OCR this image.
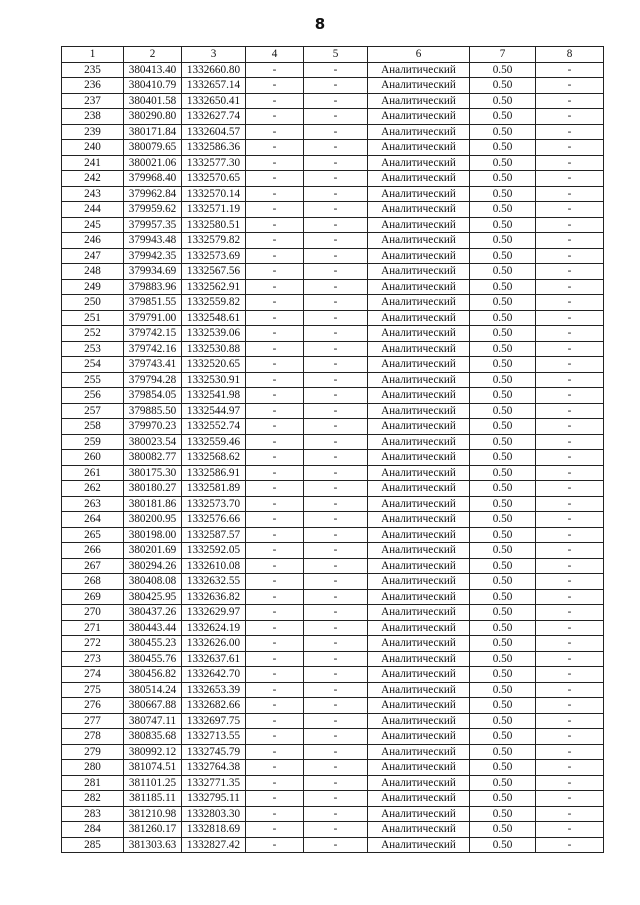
8
1	2	3	4	5	6	7	8
235	380413.40	1332660.80	-	-	Аналитический	0.50	-
236	380410.79	1332657.14	-	-	Аналитический	0.50	-
237	380401.58	1332650.41	-	-	Аналитический	0.50	-
238	380290.80	1332627.74	-	-	Аналитический	0.50	-
239	380171.84	1332604.57	-	-	Аналитический	0.50	-
240	380079.65	1332586.36	-	-	Аналитический	0.50	-
241	380021.06	1332577.30	-	-	Аналитический	0.50	-
242	379968.40	1332570.65	-	-	Аналитический	0.50	-
243	379962.84	1332570.14	-	-	Аналитический	0.50	-
244	379959.62	1332571.19	-	-	Аналитический	0.50	-
245	379957.35	1332580.51	-	-	Аналитический	0.50	-
246	379943.48	1332579.82	-	-	Аналитический	0.50	-
247	379942.35	1332573.69	-	-	Аналитический	0.50	-
248	379934.69	1332567.56	-	-	Аналитический	0.50	-
249	379883.96	1332562.91	-	-	Аналитический	0.50	-
250	379851.55	1332559.82	-	-	Аналитический	0.50	-
251	379791.00	1332548.61	-	-	Аналитический	0.50	-
252	379742.15	1332539.06	-	-	Аналитический	0.50	-
253	379742.16	1332530.88	-	-	Аналитический	0.50	-
254	379743.41	1332520.65	-	-	Аналитический	0.50	-
255	379794.28	1332530.91	-	-	Аналитический	0.50	-
256	379854.05	1332541.98	-	-	Аналитический	0.50	-
257	379885.50	1332544.97	-	-	Аналитический	0.50	-
258	379970.23	1332552.74	-	-	Аналитический	0.50	-
259	380023.54	1332559.46	-	-	Аналитический	0.50	-
260	380082.77	1332568.62	-	-	Аналитический	0.50	-
261	380175.30	1332586.91	-	-	Аналитический	0.50	-
262	380180.27	1332581.89	-	-	Аналитический	0.50	-
263	380181.86	1332573.70	-	-	Аналитический	0.50	-
264	380200.95	1332576.66	-	-	Аналитический	0.50	-
265	380198.00	1332587.57	-	-	Аналитический	0.50	-
266	380201.69	1332592.05	-	-	Аналитический	0.50	-
267	380294.26	1332610.08	-	-	Аналитический	0.50	-
268	380408.08	1332632.55	-	-	Аналитический	0.50	-
269	380425.95	1332636.82	-	-	Аналитический	0.50	-
270	380437.26	1332629.97	-	-	Аналитический	0.50	-
271	380443.44	1332624.19	-	-	Аналитический	0.50	-
272	380455.23	1332626.00	-	-	Аналитический	0.50	-
273	380455.76	1332637.61	-	-	Аналитический	0.50	-
274	380456.82	1332642.70	-	-	Аналитический	0.50	-
275	380514.24	1332653.39	-	-	Аналитический	0.50	-
276	380667.88	1332682.66	-	-	Аналитический	0.50	-
277	380747.11	1332697.75	-	-	Аналитический	0.50	-
278	380835.68	1332713.55	-	-	Аналитический	0.50	-
279	380992.12	1332745.79	-	-	Аналитический	0.50	-
280	381074.51	1332764.38	-	-	Аналитический	0.50	-
281	381101.25	1332771.35	-	-	Аналитический	0.50	-
282	381185.11	1332795.11	-	-	Аналитический	0.50	-
283	381210.98	1332803.30	-	-	Аналитический	0.50	-
284	381260.17	1332818.69	-	-	Аналитический	0.50	-
285	381303.63	1332827.42	-	-	Аналитический	0.50	-
